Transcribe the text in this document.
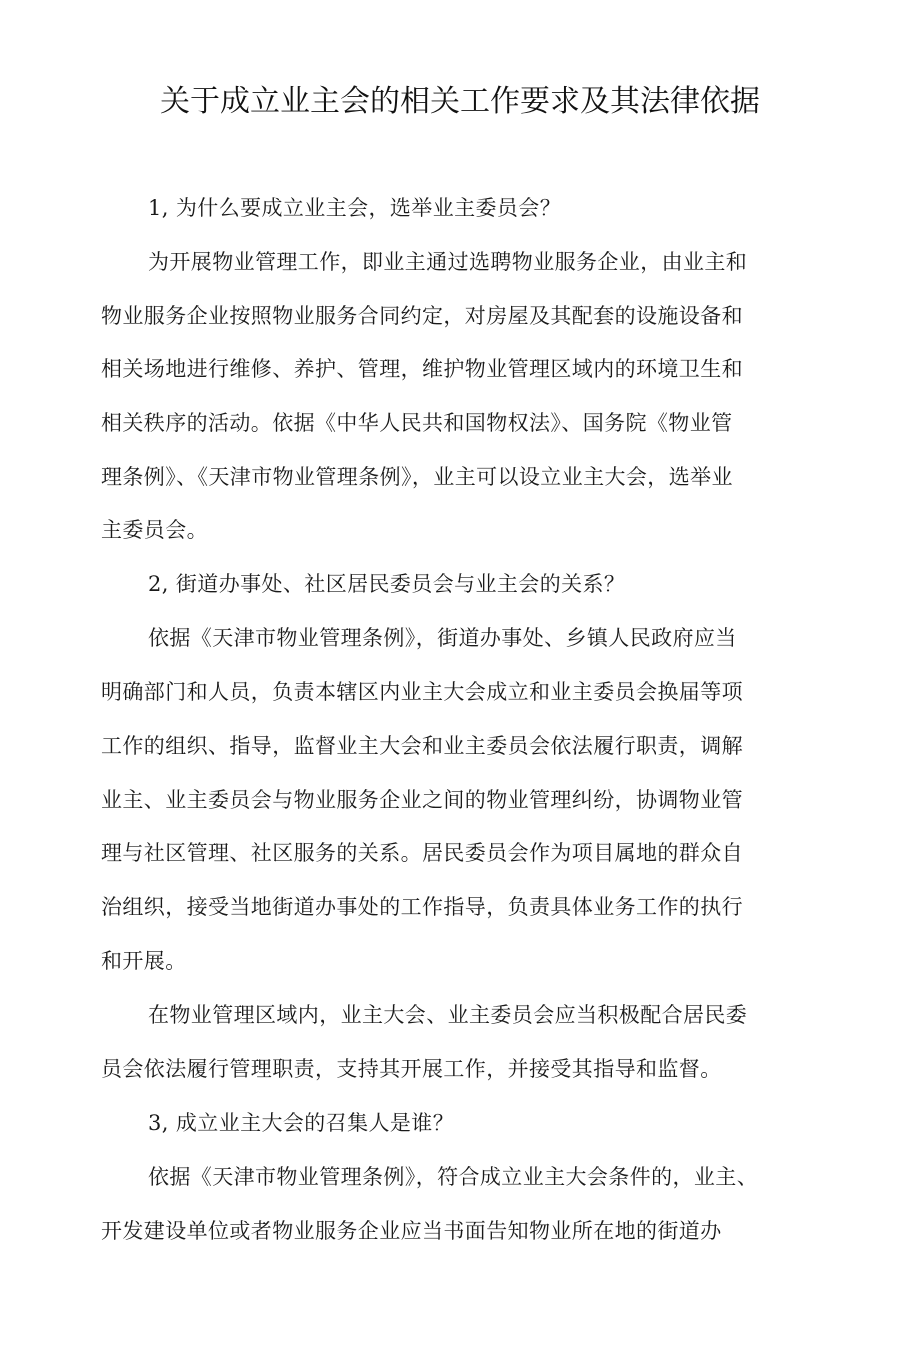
关于成立业主会的相关工作要求及其法律依据
1, 为什么要成立业主会，选举业主委员会？
为开展物业管理工作，即业主通过选聘物业服务企业，由业主和
物业服务企业按照物业服务合同约定，对房屋及其配套的设施设备和
相关场地进行维修、养护、管理，维护物业管理区域内的环境卫生和
相关秩序的活动。依据《中华人民共和国物权法》、国务院《物业管
理条例》、《天津市物业管理条例》，业主可以设立业主大会，选举业
主委员会。
2, 街道办事处、社区居民委员会与业主会的关系？
依据《天津市物业管理条例》，街道办事处、乡镇人民政府应当
明确部门和人员，负责本辖区内业主大会成立和业主委员会换届等项
工作的组织、指导，监督业主大会和业主委员会依法履行职责，调解
业主、业主委员会与物业服务企业之间的物业管理纠纷，协调物业管
理与社区管理、社区服务的关系。居民委员会作为项目属地的群众自
治组织，接受当地街道办事处的工作指导，负责具体业务工作的执行
和开展。
在物业管理区域内，业主大会、业主委员会应当积极配合居民委
员会依法履行管理职责，支持其开展工作，并接受其指导和监督。
3, 成立业主大会的召集人是谁？
依据《天津市物业管理条例》，符合成立业主大会条件的，业主、
开发建设单位或者物业服务企业应当书面告知物业所在地的街道办
